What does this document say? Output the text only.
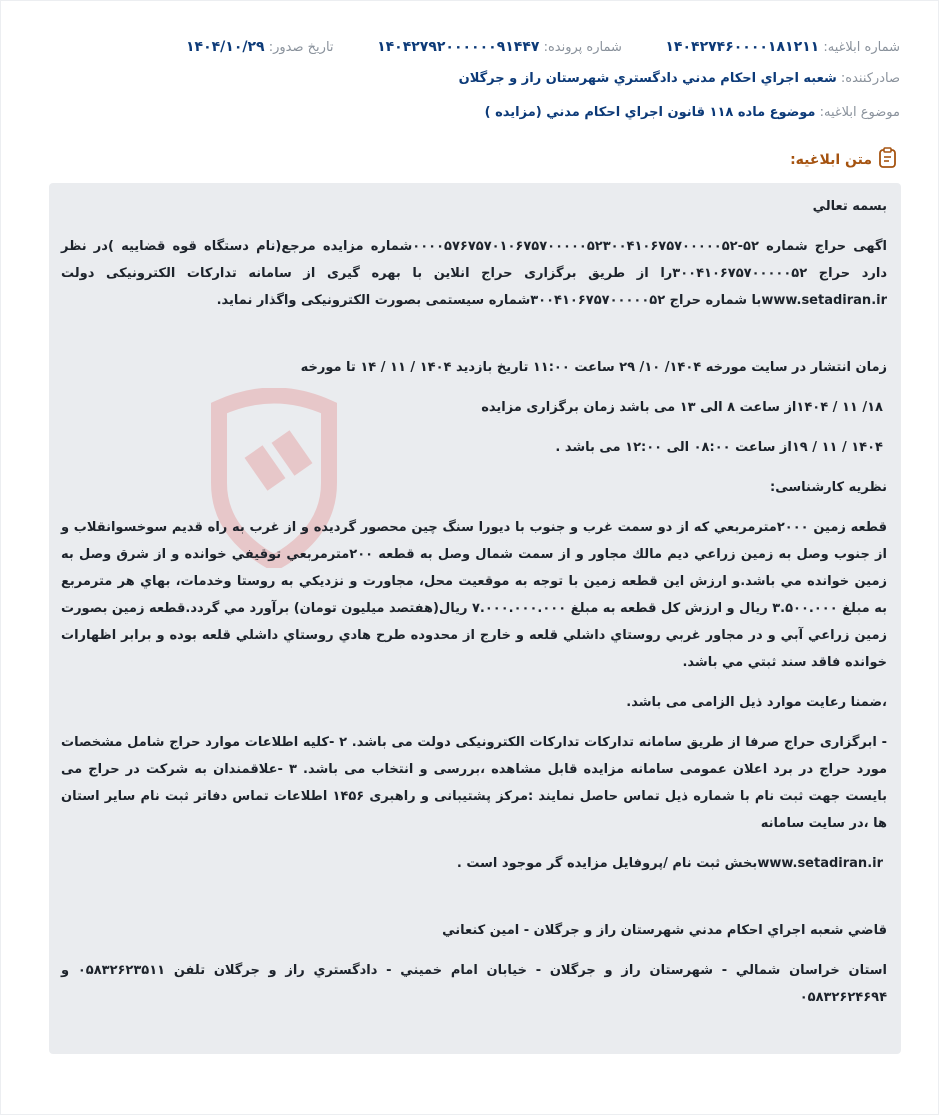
شماره ابلاغیه: ۱۴۰۴۲۷۴۶۰۰۰۰۱۸۱۲۱۱
شماره پرونده: ۱۴۰۴۲۷۹۲۰۰۰۰۰۰۹۱۴۴۷
تاریخ صدور: ۱۴۰۴/۱۰/۲۹
صادرکننده: شعبه اجراي احكام مدني دادگستري شهرستان راز و جرگلان
موضوع ابلاغیه: موضوع ماده ۱۱۸ قانون اجراي احكام مدني (مزايده )
متن ابلاغیه:

بسمه تعالي

اگهی حراج شماره ۵۲-۰۰۰۰۵۷۶۷۵۷۰۱۰۶۷۵۷۰۰۰۰۰۵۲۳۰۰۴۱۰۶۷۵۷۰۰۰۰۰۵۲شماره مزایده مرجع(نام دستگاه قوه قضاییه )در نظر دارد حراج ۳۰۰۴۱۰۶۷۵۷۰۰۰۰۰۵۲را از طریق برگزاری حراج انلاین با بهره گیری از سامانه تدارکات الکترونیکی دولت www.setadiran.irبا شماره حراج ۳۰۰۴۱۰۶۷۵۷۰۰۰۰۰۵۲شماره سیستمی بصورت الکترونیکی واگذار نماید.

زمان انتشار در سایت مورخه ۱۴۰۴/ ۱۰/ ۲۹ ساعت ۱۱:۰۰ تاریخ بازدید ۱۴۰۴ / ۱۱ / ۱۴ تا مورخه

۱۸/ ۱۱ / ۱۴۰۴از ساعت ۸ الی ۱۳ می باشد زمان برگزاری مزایده

۱۴۰۴ / ۱۱ / ۱۹از ساعت ۰۸:۰۰ الی ۱۲:۰۰ می باشد .

نظریه کارشناسی:

قطعه زمین ۲۰۰۰مترمربعي كه از دو سمت غرب و جنوب با ديورا سنگ چين محصور گرديده و از غرب به راه قديم سوخسوانقلاب و از جنوب وصل به زمين زراعي ديم مالك مجاور و از سمت شمال وصل به قطعه ۲۰۰مترمربعي توقيفي خوانده و از شرق وصل به زمين خوانده مي باشد.و ارزش اين قطعه زمين با توجه به موقعيت محل، مجاورت و نزديكي به روستا وخدمات، بهاي هر مترمربع به مبلغ ۳.۵۰۰.۰۰۰ ريال و ارزش كل قطعه به مبلغ ۷.۰۰۰.۰۰۰.۰۰۰ ريال(هفتصد ميليون تومان) برآورد مي گردد.قطعه زمين بصورت زمين زراعي آبي و در مجاور غربي روستاي داشلي قلعه و خارج از محدوده طرح هادي روستاي داشلي قلعه بوده و برابر اظهارات خوانده فاقد سند ثبتي مي باشد.

،ضمنا رعایت موارد ذیل الزامی می باشد.

- ابرگزاری حراج صرفا از طریق سامانه تدارکات تدارکات الکترونیکی دولت می باشد. ۲ -کلیه اطلاعات موارد حراج شامل مشخصات مورد حراج در برد اعلان عمومی سامانه مزایده قابل مشاهده ،بررسی و انتخاب می باشد. ۳ -علاقمندان به شرکت در حراج می بایست جهت ثبت نام با شماره ذیل تماس حاصل نمایند :مرکز پشتیبانی و راهبری ۱۴۵۶ اطلاعات تماس دفاتر ثبت نام سایر استان ها ،در سایت سامانه

www.setadiran.irبخش ثبت نام /پروفایل مزایده گر موجود است .

قاضي شعبه اجراي احكام مدني شهرستان راز و جرگلان - امين كنعاني

استان خراسان شمالي - شهرستان راز و جرگلان - خيابان امام خميني - دادگستري راز و جرگلان تلفن ۰۵۸۳۲۶۲۳۵۱۱ و ۰۵۸۳۲۶۲۴۶۹۴
